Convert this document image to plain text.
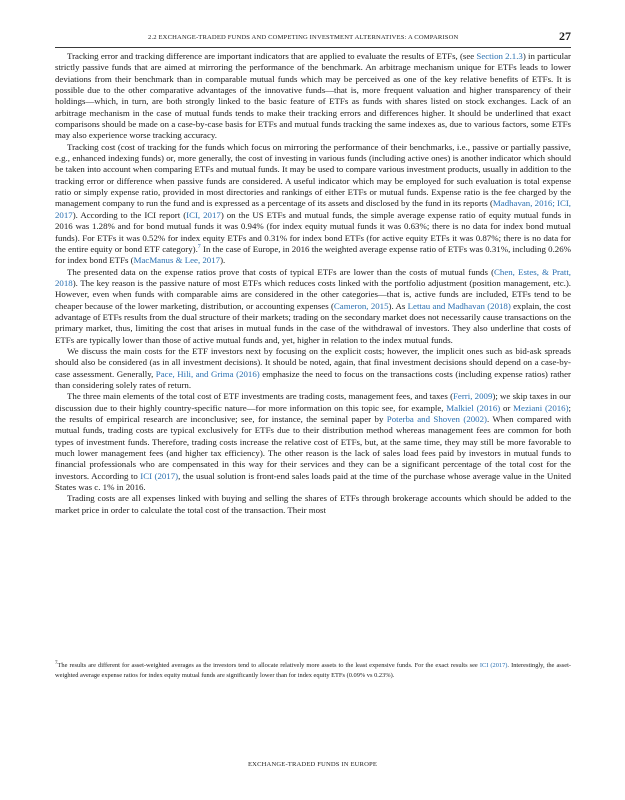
2.2 EXCHANGE-TRADED FUNDS AND COMPETING INVESTMENT ALTERNATIVES: A COMPARISON	27

Tracking error and tracking difference are important indicators that are applied to evaluate the results of ETFs, (see Section 2.1.3) in particular strictly passive funds that are aimed at mirroring the performance of the benchmark. An arbitrage mechanism unique for ETFs leads to lower deviations from their benchmark than in comparable mutual funds which may be perceived as one of the key relative benefits of ETFs. It is possible due to the other comparative advantages of the innovative funds—that is, more frequent valuation and higher transparency of their holdings—which, in turn, are both strongly linked to the basic feature of ETFs as funds with shares listed on stock exchanges. Lack of an arbitrage mechanism in the case of mutual funds tends to make their tracking errors and differences higher. It should be underlined that exact comparisons should be made on a case-by-case basis for ETFs and mutual funds tracking the same indexes as, due to various factors, some ETFs may also experience worse tracking accuracy.

Tracking cost (cost of tracking for the funds which focus on mirroring the performance of their benchmarks, i.e., passive or partially passive, e.g., enhanced indexing funds) or, more generally, the cost of investing in various funds (including active ones) is another indicator which should be taken into account when comparing ETFs and mutual funds. It may be used to compare various investment products, usually in addition to the tracking error or difference when passive funds are considered. A useful indicator which may be employed for such evaluation is total expense ratio or simply expense ratio, provided in most directories and rankings of either ETFs or mutual funds. Expense ratio is the fee charged by the management company to run the fund and is expressed as a percentage of its assets and disclosed by the fund in its reports (Madhavan, 2016; ICI, 2017). According to the ICI report (ICI, 2017) on the US ETFs and mutual funds, the simple average expense ratio of equity mutual funds in 2016 was 1.28% and for bond mutual funds it was 0.94% (for index equity mutual funds it was 0.63%; there is no data for index bond mutual funds). For ETFs it was 0.52% for index equity ETFs and 0.31% for index bond ETFs (for active equity ETFs it was 0.87%; there is no data for the entire equity or bond ETF category).$^7$ In the case of Europe, in 2016 the weighted average expense ratio of ETFs was 0.31%, including 0.26% for index bond ETFs (MacManus & Lee, 2017).

The presented data on the expense ratios prove that costs of typical ETFs are lower than the costs of mutual funds (Chen, Estes, & Pratt, 2018). The key reason is the passive nature of most ETFs which reduces costs linked with the portfolio adjustment (position management, etc.). However, even when funds with comparable aims are considered in the other categories—that is, active funds are included, ETFs tend to be cheaper because of the lower marketing, distribution, or accounting expenses (Cameron, 2015). As Lettau and Madhavan (2018) explain, the cost advantage of ETFs results from the dual structure of their markets; trading on the secondary market does not necessarily cause transactions on the primary market, thus, limiting the cost that arises in mutual funds in the case of the withdrawal of investors. They also underline that costs of ETFs are typically lower than those of active mutual funds and, yet, higher in relation to the index mutual funds.

We discuss the main costs for the ETF investors next by focusing on the explicit costs; however, the implicit ones such as bid-ask spreads should also be considered (as in all investment decisions). It should be noted, again, that final investment decisions should depend on a case-by-case assessment. Generally, Pace, Hili, and Grima (2016) emphasize the need to focus on the transactions costs (including expense ratios) rather than considering solely rates of return.

The three main elements of the total cost of ETF investments are trading costs, management fees, and taxes (Ferri, 2009); we skip taxes in our discussion due to their highly country-specific nature—for more information on this topic see, for example, Malkiel (2016) or Meziani (2016); the results of empirical research are inconclusive; see, for instance, the seminal paper by Poterba and Shoven (2002). When compared with mutual funds, trading costs are typical exclusively for ETFs due to their distribution method whereas management fees are common for both types of investment funds. Therefore, trading costs increase the relative cost of ETFs, but, at the same time, they may still be more favorable to much lower management fees (and higher tax efficiency). The other reason is the lack of sales load fees paid by investors in mutual funds to financial professionals who are compensated in this way for their services and they can be a significant percentage of the total cost for the investors. According to ICI (2017), the usual solution is front-end sales loads paid at the time of the purchase whose average value in the United States was c. 1% in 2016.

Trading costs are all expenses linked with buying and selling the shares of ETFs through brokerage accounts which should be added to the market price in order to calculate the total cost of the transaction. Their most

$^7$The results are different for asset-weighted averages as the investors tend to allocate relatively more assets to the least expensive funds. For the exact results see ICI (2017). Interestingly, the asset-weighted average expense ratios for index equity mutual funds are significantly lower than for index equity ETFs (0.09% vs 0.23%).
EXCHANGE-TRADED FUNDS IN EUROPE
